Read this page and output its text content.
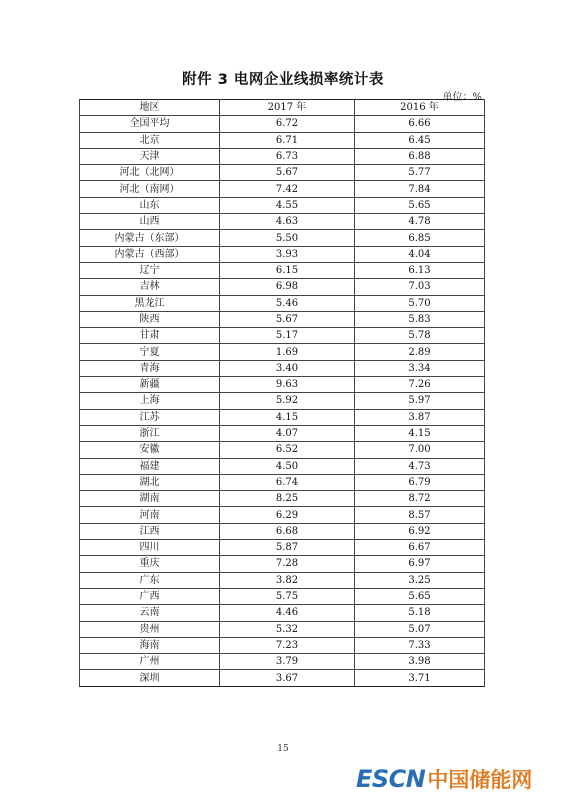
附件 3 电网企业线损率统计表
单位：%
地区	2017 年	2016 年
全国平均	6.72	6.66
北京	6.71	6.45
天津	6.73	6.88
河北（北网）	5.67	5.77
河北（南网）	7.42	7.84
山东	4.55	5.65
山西	4.63	4.78
内蒙古（东部）	5.50	6.85
内蒙古（西部）	3.93	4.04
辽宁	6.15	6.13
吉林	6.98	7.03
黑龙江	5.46	5.70
陕西	5.67	5.83
甘肃	5.17	5.78
宁夏	1.69	2.89
青海	3.40	3.34
新疆	9.63	7.26
上海	5.92	5.97
江苏	4.15	3.87
浙江	4.07	4.15
安徽	6.52	7.00
福建	4.50	4.73
湖北	6.74	6.79
湖南	8.25	8.72
河南	6.29	8.57
江西	6.68	6.92
四川	5.87	6.67
重庆	7.28	6.97
广东	3.82	3.25
广西	5.75	5.65
云南	4.46	5.18
贵州	5.32	5.07
海南	7.23	7.33
广州	3.79	3.98
深圳	3.67	3.71
15
ESCN中国储能网
